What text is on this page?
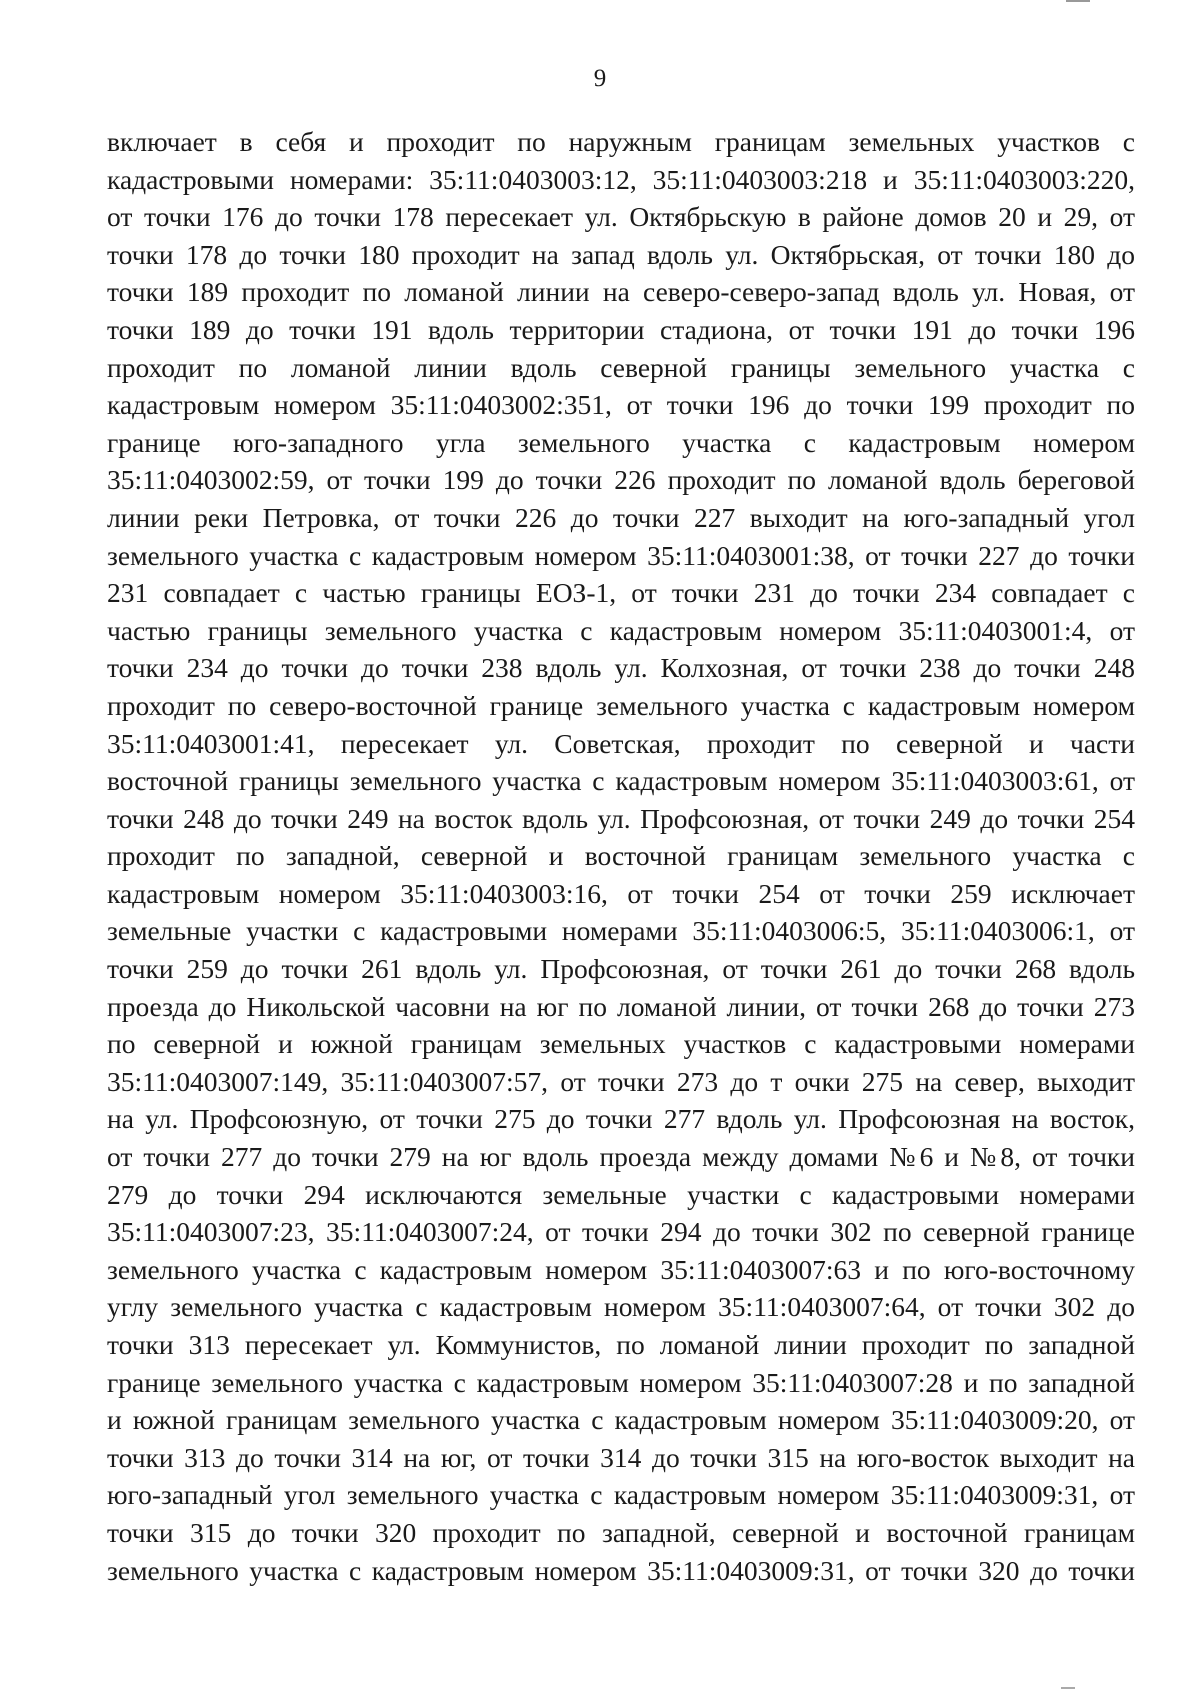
9
включает в себя и проходит по наружным границам земельных участков с
кадастровыми номерами: 35:11:0403003:12, 35:11:0403003:218 и 35:11:0403003:220,
от точки 176 до точки 178 пересекает ул. Октябрьскую в районе домов 20 и 29, от
точки 178 до точки 180 проходит на запад вдоль ул. Октябрьская, от точки 180 до
точки 189 проходит по ломаной линии на северо-северо-запад вдоль ул. Новая, от
точки 189 до точки 191 вдоль территории стадиона, от точки 191 до точки 196
проходит по ломаной линии вдоль северной границы земельного участка с
кадастровым номером 35:11:0403002:351, от точки 196 до точки 199 проходит по
границе юго-западного угла земельного участка с кадастровым номером
35:11:0403002:59, от точки 199 до точки 226 проходит по ломаной вдоль береговой
линии реки Петровка, от точки 226 до точки 227 выходит на юго-западный угол
земельного участка с кадастровым номером 35:11:0403001:38, от точки 227 до точки
231 совпадает с частью границы ЕОЗ-1, от точки 231 до точки 234 совпадает с
частью границы земельного участка с кадастровым номером 35:11:0403001:4, от
точки 234 до точки до точки 238 вдоль ул. Колхозная, от точки 238 до точки 248
проходит по северо-восточной границе земельного участка с кадастровым номером
35:11:0403001:41, пересекает ул. Советская, проходит по северной и части
восточной границы земельного участка с кадастровым номером 35:11:0403003:61, от
точки 248 до точки 249 на восток вдоль ул. Профсоюзная, от точки 249 до точки 254
проходит по западной, северной и восточной границам земельного участка с
кадастровым номером 35:11:0403003:16, от точки 254 от точки 259 исключает
земельные участки с кадастровыми номерами 35:11:0403006:5, 35:11:0403006:1, от
точки 259 до точки 261 вдоль ул. Профсоюзная, от точки 261 до точки 268 вдоль
проезда до Никольской часовни на юг по ломаной линии, от точки 268 до точки 273
по северной и южной границам земельных участков с кадастровыми номерами
35:11:0403007:149, 35:11:0403007:57, от точки 273 до т очки 275 на север, выходит
на ул. Профсоюзную, от точки 275 до точки 277 вдоль ул. Профсоюзная на восток,
от точки 277 до точки 279 на юг вдоль проезда между домами №6 и №8, от точки
279 до точки 294 исключаются земельные участки с кадастровыми номерами
35:11:0403007:23, 35:11:0403007:24, от точки 294 до точки 302 по северной границе
земельного участка с кадастровым номером 35:11:0403007:63 и по юго-восточному
углу земельного участка с кадастровым номером 35:11:0403007:64, от точки 302 до
точки 313 пересекает ул. Коммунистов, по ломаной линии проходит по западной
границе земельного участка с кадастровым номером 35:11:0403007:28 и по западной
и южной границам земельного участка с кадастровым номером 35:11:0403009:20, от
точки 313 до точки 314 на юг, от точки 314 до точки 315 на юго-восток выходит на
юго-западный угол земельного участка с кадастровым номером 35:11:0403009:31, от
точки 315 до точки 320 проходит по западной, северной и восточной границам
земельного участка с кадастровым номером 35:11:0403009:31, от точки 320 до точки
